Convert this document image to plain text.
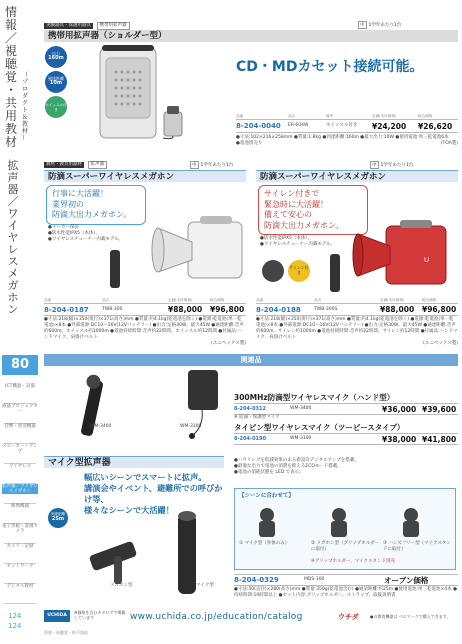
情
報
／
視
聴
覚
・
共
用
教
材
（
プ
ロ
ダ
ク
ト
＆
教
材
）
拡
声
器
／
ワ
イ
ヤ
レ
ス
メ
ガ
ホ
ン
80
ICT機器・設備
液晶プロジェクター
音響・放送機器
スピーカー・アンプ
ワイヤレス
拡声器／ワイヤレスメガホン
映像機器
電子黒板・書画カメラ
カメラ・記録
ネットワーク
デジタル教材
124
124
実験器具・保護用器具 携帯用拡声器	中 1学年あたり1台
携帯用拡声器（ショルダー型）
出力
160m
到達距離
10m
ホイッスル付き
CD・MDカセット接続可能。
品番	品名	備考	定価(本体価格)	税込価格
8-204-0040	ER-604W	ホイッスル付き	¥24,200	¥26,620
●寸法:102×216×258mm ●質量:1.8kg ●到達距離:160m ●最大出力:10W ●使用電池:単三乾電池6本
●電池別売り	(TOA製)
教材・教具用器材 拡声器
防滴スーパーワイヤレスメガホン
行事に大活躍！
業界初の
防滴大出力メガホン。
●メーカー保証
●防水性能IPX5（本体）。
●ワイヤレスチューナー内蔵モデル。
品番	品名	定価(本体価格)	税込価格
8-204-0187	TWB-300	¥88,000	¥96,800
●寸法:218(幅)×350(奥行)×371(高さ)mm ●質量:約4.1kg(乾電池を除く) ●電源:乾電池(単一乾電池)×8本 ●外部電源:DC10～16V(12Vバッテリー) ●出力:定格30W、最大45W ●通達距離:音声約600m、ホイッスル約1000m ●電池持続時間:音声約22時間、ホイッスル約12時間 ●付属品:ハンドマイク、肩掛けベルト
(ユニペックス製)
防滴スーパーワイヤレスメガホン
中 1学年あたり1台
中 1学年あたり1台
サイレン付きで
緊急時に大活躍！
備えて安心の
防滴大出力メガホン。
●防水性能IPX5（本体）。
●ワイヤレスチューナー内蔵モデル。
サイレン付き
U
品番	品名	定価(本体価格)	税込価格
8-204-0188	TWB-300S	¥88,000	¥96,800
●寸法:218(幅)×350(奥行)×371(高さ)mm ●質量:約4.1kg(乾電池を除く) ●電源:乾電池(単一乾電池)×8本 ●外部電源:DC10～16V(12Vバッテリー) ●出力:定格30W、最大45W ●通達距離:音声約600m、サイレン約1000m ●電池持続時間:音声約22時間、サイレン約12時間 ●付属品:ハンドマイク、肩掛けベルト
(ユニペックス製)
関連品
WM-3400	WM-3100
300MHz防滴型ワイヤレスマイク（ハンド型）
8-204-0312	WM-3400	¥36,000 ¥39,600
※ 防滴・保護型マイク
タイピン型ワイヤレスマイク（ツーピースタイプ）
8-204-0190	WM-3100	¥38,000 ¥41,800
マイク型拡声器
幅広いシーンでスマートに拡声。
講演会やイベント、避難所での呼びかけ等、
様々なシーンで大活躍！
到達距離
25m
メガホン型	マイク型
●ハウリングを低減効果のある新設計デジタルアンプを搭載。
●最適な出力で電池の消費を抑えるECOモード搭載。
●電池の消耗状態を LED で表示。
【シーンに合わせて】
① マイク型（単体のみ）	② メガホン型（グリップホルダーに取付）
③ ハンズフリー型（マイクスタンドに取付）
※グリップホルダー、マイクスタンド別売
8-204-0329	MDS-100	オープン価格
●寸法:50(直径)×280(高さ)mm ●質量:350g(乾電池含む) ●通話距離:約25m ●使用電池:単三乾電池×4本 ●持続時間:10時間以上 ●セット内容:グリップホルダー、ストラップ、取扱説明書
UCHIDA
※価格を含むカタログで掲載しています	www.uchida.co.jp/education/catalog	ウチダ	●の教育機器は ベルマークで購入できます。
情報・視聴覚・拡声器他
